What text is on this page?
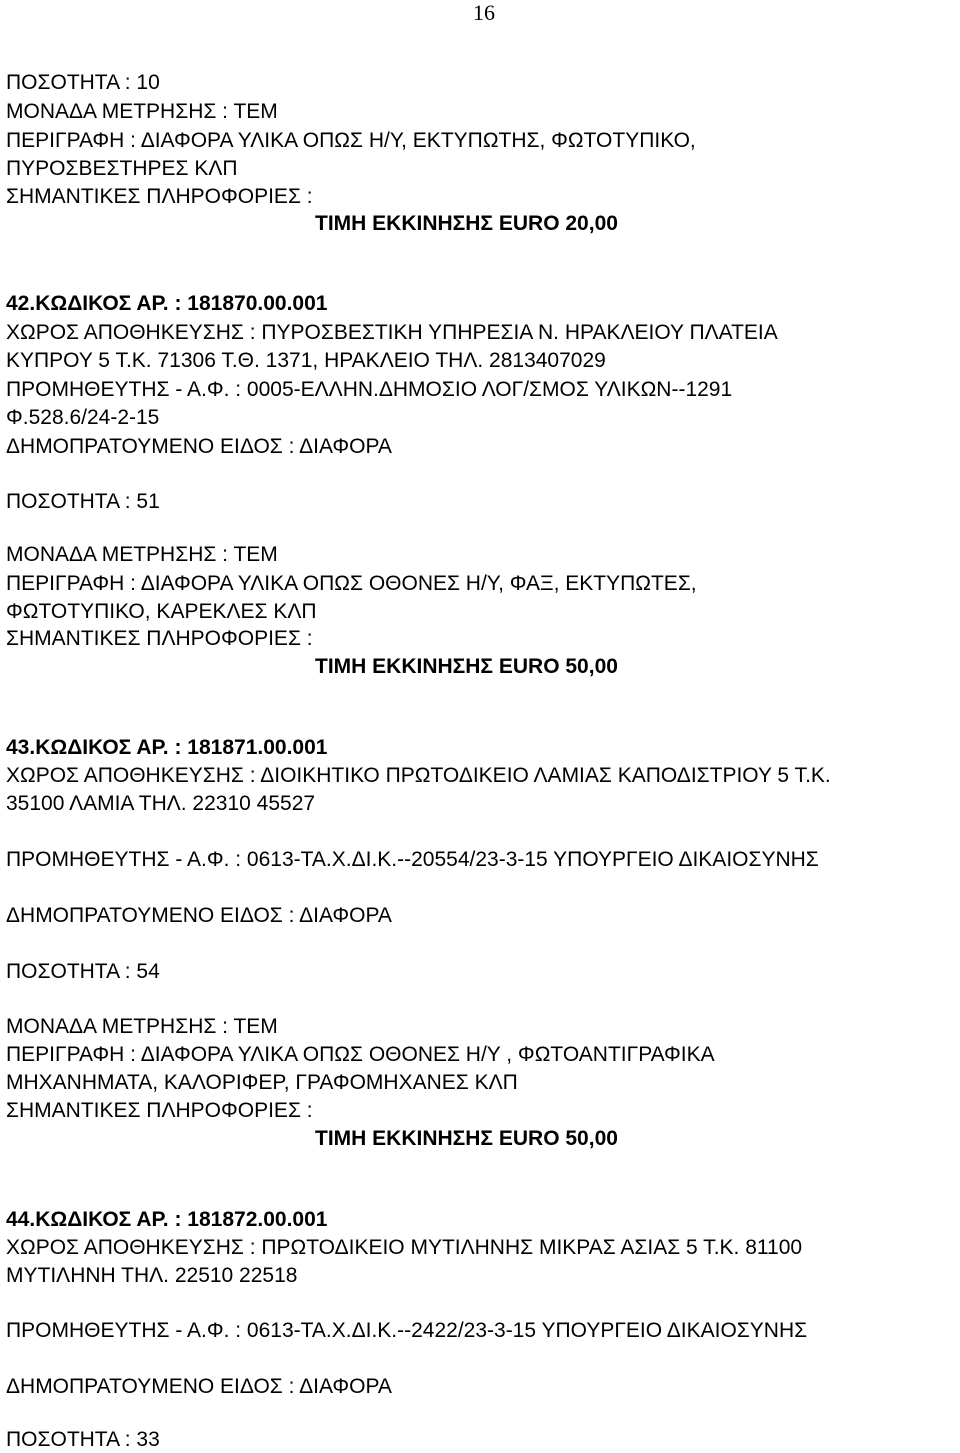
16
ΠΟΣΟΤΗΤΑ : 10
ΜΟΝΑΔΑ ΜΕΤΡΗΣΗΣ : ΤΕΜ
ΠΕΡΙΓΡΑΦΗ : ΔΙΑΦΟΡΑ ΥΛΙΚΑ ΟΠΩΣ Η/Υ, ΕΚΤΥΠΩΤΗΣ, ΦΩΤΟΤΥΠΙΚΟ,
ΠΥΡΟΣΒΕΣΤΗΡΕΣ ΚΛΠ
ΣΗΜΑΝΤΙΚΕΣ ΠΛΗΡΟΦΟΡΙΕΣ :
ΤΙΜΗ ΕΚΚΙΝΗΣΗΣ EURO 20,00
42.ΚΩΔΙΚΟΣ ΑΡ. : 181870.00.001
ΧΩΡΟΣ ΑΠΟΘΗΚΕΥΣΗΣ : ΠΥΡΟΣΒΕΣΤΙΚΗ ΥΠΗΡΕΣΙΑ Ν. ΗΡΑΚΛΕΙΟΥ ΠΛΑΤΕΙΑ
ΚΥΠΡΟΥ 5 Τ.Κ. 71306 Τ.Θ. 1371, ΗΡΑΚΛΕΙΟ ΤΗΛ. 2813407029
ΠΡΟΜΗΘΕΥΤΗΣ - Α.Φ. : 0005-ΕΛΛΗΝ.ΔΗΜΟΣΙΟ ΛΟΓ/ΣΜΟΣ ΥΛΙΚΩΝ--1291
Φ.528.6/24-2-15
ΔΗΜΟΠΡΑΤΟΥΜΕΝΟ ΕΙΔΟΣ : ΔΙΑΦΟΡΑ
ΠΟΣΟΤΗΤΑ : 51
ΜΟΝΑΔΑ ΜΕΤΡΗΣΗΣ : ΤΕΜ
ΠΕΡΙΓΡΑΦΗ : ΔΙΑΦΟΡΑ ΥΛΙΚΑ ΟΠΩΣ ΟΘΟΝΕΣ Η/Υ, ΦΑΞ, ΕΚΤΥΠΩΤΕΣ,
ΦΩΤΟΤΥΠΙΚΟ, ΚΑΡΕΚΛΕΣ ΚΛΠ
ΣΗΜΑΝΤΙΚΕΣ ΠΛΗΡΟΦΟΡΙΕΣ :
ΤΙΜΗ ΕΚΚΙΝΗΣΗΣ EURO 50,00
43.ΚΩΔΙΚΟΣ ΑΡ. : 181871.00.001
ΧΩΡΟΣ ΑΠΟΘΗΚΕΥΣΗΣ : ΔΙΟΙΚΗΤΙΚΟ ΠΡΩΤΟΔΙΚΕΙΟ ΛΑΜΙΑΣ ΚΑΠΟΔΙΣΤΡΙΟΥ 5 Τ.Κ.
35100 ΛΑΜΙΑ ΤΗΛ. 22310 45527
ΠΡΟΜΗΘΕΥΤΗΣ - Α.Φ. : 0613-ΤΑ.Χ.ΔΙ.Κ.--20554/23-3-15 ΥΠΟΥΡΓΕΙΟ ΔΙΚΑΙΟΣΥΝΗΣ
ΔΗΜΟΠΡΑΤΟΥΜΕΝΟ ΕΙΔΟΣ : ΔΙΑΦΟΡΑ
ΠΟΣΟΤΗΤΑ : 54
ΜΟΝΑΔΑ ΜΕΤΡΗΣΗΣ : ΤΕΜ
ΠΕΡΙΓΡΑΦΗ : ΔΙΑΦΟΡΑ ΥΛΙΚΑ ΟΠΩΣ ΟΘΟΝΕΣ Η/Υ , ΦΩΤΟΑΝΤΙΓΡΑΦΙΚΑ
ΜΗΧΑΝΗΜΑΤΑ, ΚΑΛΟΡΙΦΕΡ, ΓΡΑΦΟΜΗΧΑΝΕΣ ΚΛΠ
ΣΗΜΑΝΤΙΚΕΣ ΠΛΗΡΟΦΟΡΙΕΣ :
ΤΙΜΗ ΕΚΚΙΝΗΣΗΣ EURO 50,00
44.ΚΩΔΙΚΟΣ ΑΡ. : 181872.00.001
ΧΩΡΟΣ ΑΠΟΘΗΚΕΥΣΗΣ : ΠΡΩΤΟΔΙΚΕΙΟ ΜΥΤΙΛΗΝΗΣ ΜΙΚΡΑΣ ΑΣΙΑΣ 5 Τ.Κ. 81100
ΜΥΤΙΛΗΝΗ ΤΗΛ. 22510 22518
ΠΡΟΜΗΘΕΥΤΗΣ - Α.Φ. : 0613-ΤΑ.Χ.ΔΙ.Κ.--2422/23-3-15 ΥΠΟΥΡΓΕΙΟ ΔΙΚΑΙΟΣΥΝΗΣ
ΔΗΜΟΠΡΑΤΟΥΜΕΝΟ ΕΙΔΟΣ : ΔΙΑΦΟΡΑ
ΠΟΣΟΤΗΤΑ : 33
